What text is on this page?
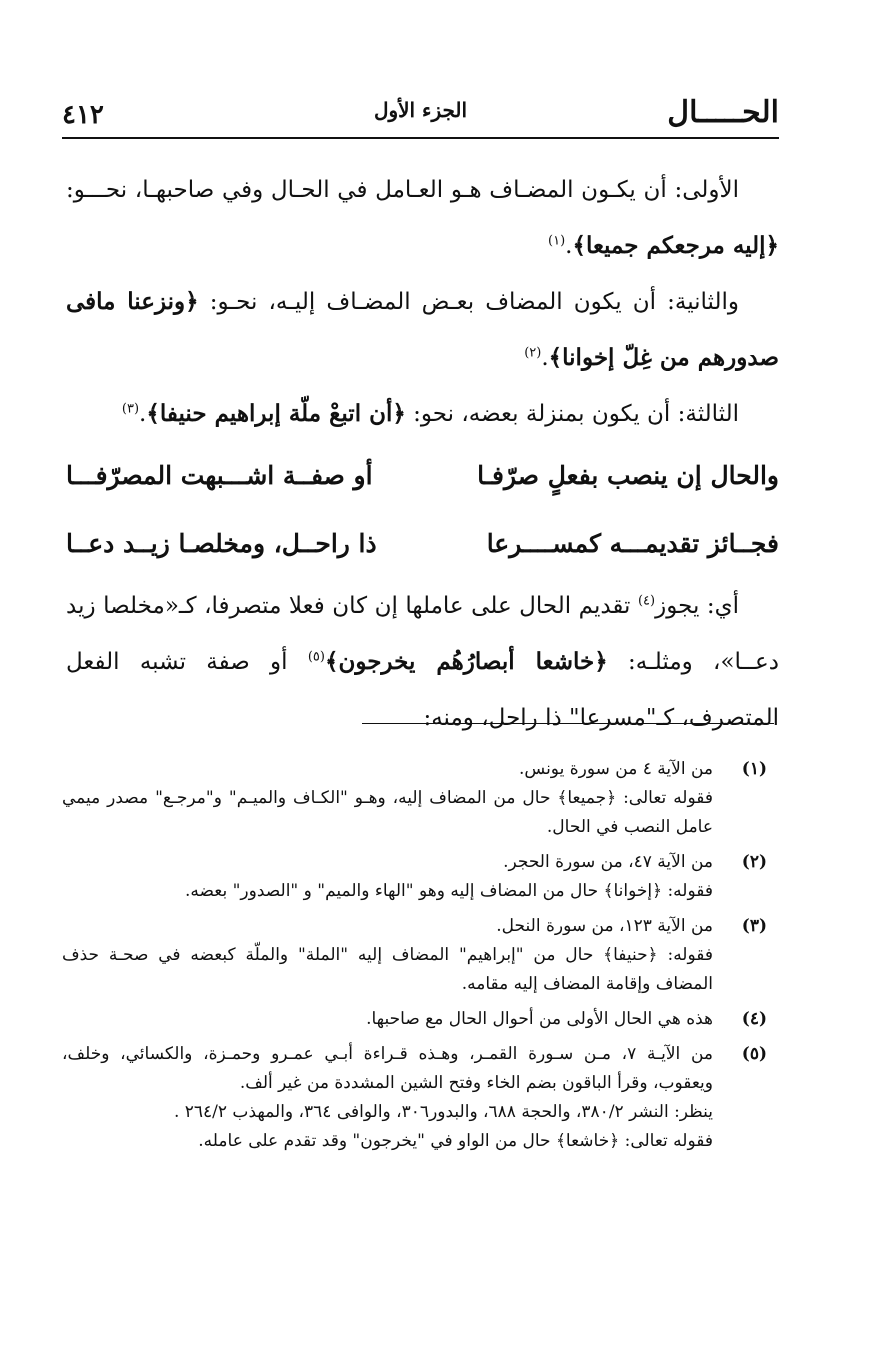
الحـــــال
الجزء الأول
٤١٢

الأولى: أن يكـون المضـاف هـو العـامل في الحـال وفي صاحبهـا، نحـــو: ﴿إليه مرجعكم جميعا﴾.$^{(١)}$

والثانية: أن يكون المضاف بعـض المضـاف إليـه، نحـو: ﴿ونزعنا مافى صدورهم من غِلّ إخوانا﴾.$^{(٢)}$

الثالثة: أن يكون بمنزلة بعضه، نحو: ﴿أن اتبعْ ملّة إبراهيم حنيفا﴾.$^{(٣)}$

والحال إن ينصب بفعلٍ صرّفـا
أو صفــة اشـــبهت المصرّفـــا
فجــائز تقديمـــه كمســــرعا
ذا راحــل، ومخلصـا زيــد دعــا

أي: يجوز$^{(٤)}$ تقديم الحال على عاملها إن كان فعلا متصرفا، كـ«مخلصا زيد دعــا»، ومثلـه: ﴿خاشعا أبصارُهُم يخرجون﴾$^{(٥)}$ أو صفة تشبه الفعل المتصرف، كـ"مسرعا" ذا راحل، ومنه:

(١)
من الآية ٤ من سورة يونس.
فقوله تعالى: ﴿جميعا﴾ حال من المضاف إليه، وهـو "الكـاف والميـم" و"مرجـع" مصدر ميمي عامل النصب في الحال.
(٢)
من الآية ٤٧، من سورة الحجر.
فقوله: ﴿إخوانا﴾ حال من المضاف إليه وهو "الهاء والميم" و "الصدور" بعضه.
(٣)
من الآية ١٢٣، من سورة النحل.
فقوله: ﴿حنيفا﴾ حال من "إبراهيم" المضاف إليه "الملة" والملّة كبعضه في صحـة حذف المضاف وإقامة المضاف إليه مقامه.
(٤)
هذه هي الحال الأولى من أحوال الحال مع صاحبها.
(٥)
من الآيـة ٧، مـن سـورة القمـر، وهـذه قـراءة أبـي عمـرو وحمـزة، والكسائي، وخلف، ويعقوب، وقرأ الباقون بضم الخاء وفتح الشين المشددة من غير ألف.
ينظر: النشر ٣٨٠/٢، والحجة ٦٨٨، والبدور٣٠٦، والوافى ٣٦٤، والمهذب ٢٦٤/٢ .
فقوله تعالى: ﴿خاشعا﴾ حال من الواو في "يخرجون" وقد تقدم على عامله.
